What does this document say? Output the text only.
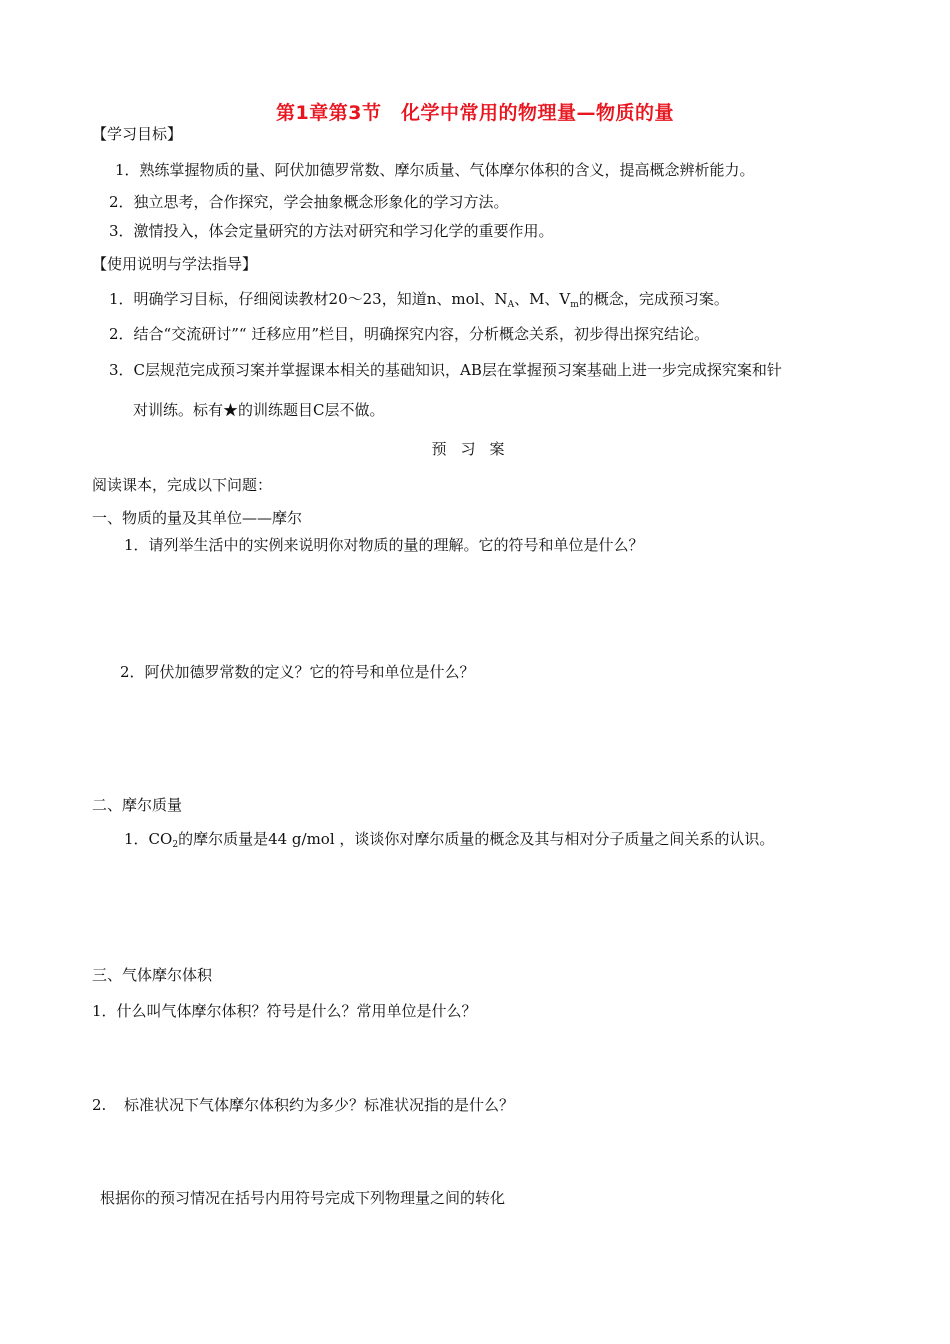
第1章第3节　化学中常用的物理量—物质的量
【学习目标】
1．熟练掌握物质的量、阿伏加德罗常数、摩尔质量、气体摩尔体积的含义，提高概念辨析能力。
2．独立思考，合作探究，学会抽象概念形象化的学习方法。
3．激情投入，体会定量研究的方法对研究和学习化学的重要作用。
【使用说明与学法指导】
1．明确学习目标，仔细阅读教材20～23，知道n、mol、$N_A$、M、$V_m$的概念，完成预习案。
2．结合“交流研讨”“ 迁移应用”栏目，明确探究内容，分析概念关系，初步得出探究结论。
3．C层规范完成预习案并掌握课本相关的基础知识，AB层在掌握预习案基础上进一步完成探究案和针
对训练。标有★的训练题目C层不做。
预习案
阅读课本，完成以下问题：
一、物质的量及其单位——摩尔
1．请列举生活中的实例来说明你对物质的量的理解。它的符号和单位是什么？
2．阿伏加德罗常数的定义？它的符号和单位是什么？
二、摩尔质量
1．$CO_2$的摩尔质量是44 g/mol ，谈谈你对摩尔质量的概念及其与相对分子质量之间关系的认识。
三、气体摩尔体积
1．什么叫气体摩尔体积？符号是什么？常用单位是什么？
2. 标准状况下气体摩尔体积约为多少？标准状况指的是什么？
根据你的预习情况在括号内用符号完成下列物理量之间的转化
